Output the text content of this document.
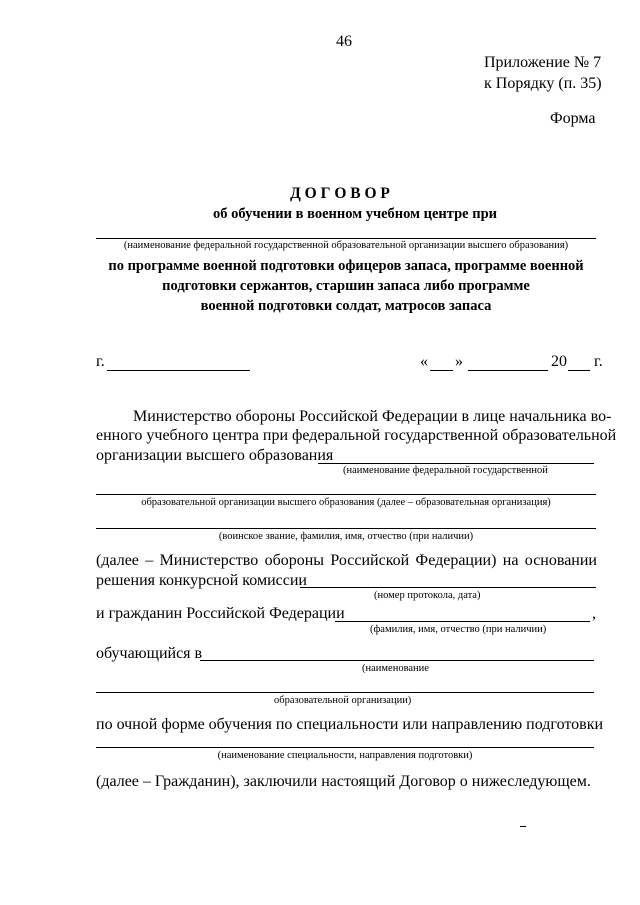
46
Приложение № 7
к Порядку (п. 35)
Форма
Д О Г О В О Р
об обучении в военном учебном центре при
(наименование федеральной государственной образовательной организации высшего образования)
по программе военной подготовки офицеров запаса, программе военной
подготовки сержантов, старшин запаса либо программе
военной подготовки солдат, матросов запаса
г.	« »	20 г.
Министерство обороны Российской Федерации в лице начальника во-
енного учебного центра при федеральной государственной образовательной
организации высшего образования
(наименование федеральной государственной
образовательной организации высшего образования (далее – образовательная организация)
(воинское звание, фамилия, имя, отчество (при наличии)
(далее – Министерство обороны Российской Федерации) на основании
решения конкурсной комиссии
(номер протокола, дата)
и гражданин Российской Федерации	,
(фамилия, имя, отчество (при наличии)
обучающийся в
(наименование
образовательной организации)
по очной форме обучения по специальности или направлению подготовки
(наименование специальности, направления подготовки)
(далее – Гражданин), заключили настоящий Договор о нижеследующем.
